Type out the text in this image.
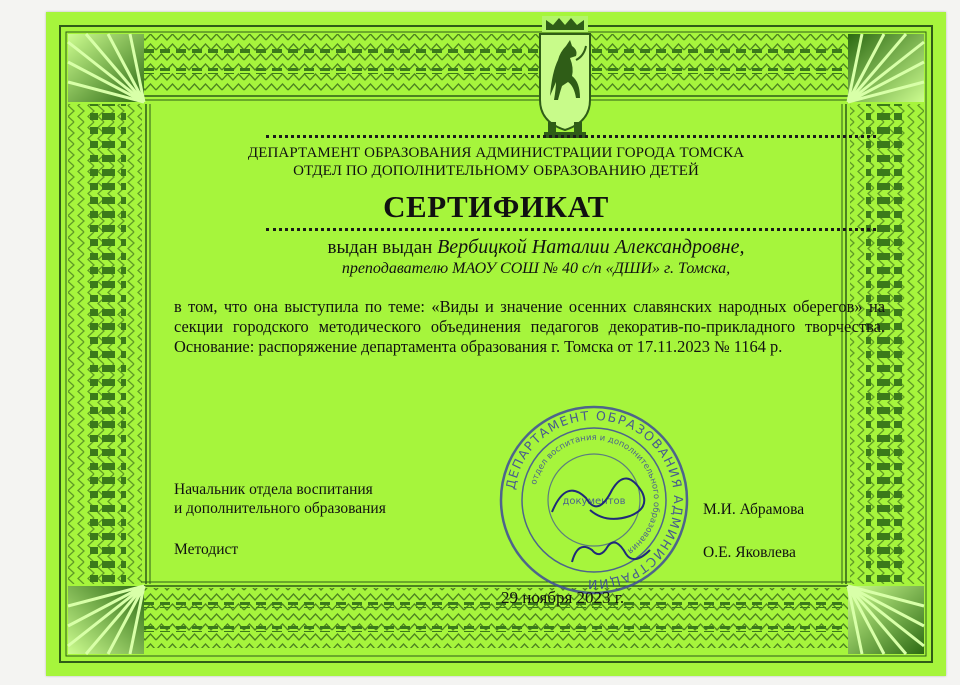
ДЕПАРТАМЕНТ ОБРАЗОВАНИЯ АДМИНИСТРАЦИИ ГОРОДА ТОМСКА
ОТДЕЛ ПО ДОПОЛНИТЕЛЬНОМУ ОБРАЗОВАНИЮ ДЕТЕЙ
СЕРТИФИКАТ
выдан выдан Вербицкой Наталии Александровне,
преподавателю МАОУ СОШ № 40 с/п «ДШИ» г. Томска,
в том, что она выступила по теме: «Виды и значение осенних славянских народных оберегов» на секции городского методического объединения педагогов декоратив-по-прикладного творчества. Основание: распоряжение департамента образования г. Томска от 17.11.2023 № 1164 р.
ДЕПАРТАМЕНТ ОБРАЗОВАНИЯ АДМИНИСТРАЦИИ
отдел воспитания и дополнительного образования
документов
Начальник отдела воспитания
и дополнительного образования	М.И. Абрамова
Методист	О.Е. Яковлева
29 ноября 2023 г.
